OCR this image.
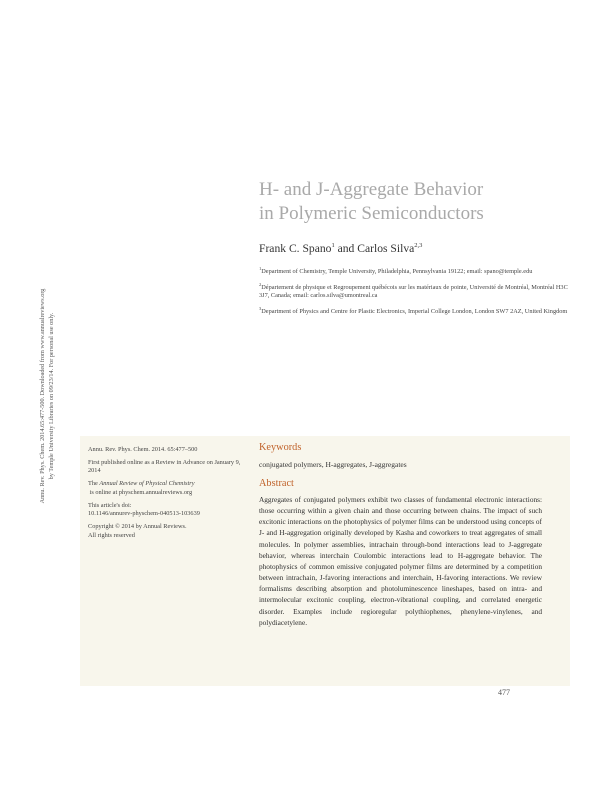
Annu. Rev. Phys. Chem. 2014.65:477-500. Downloaded from www.annualreviews.org by Temple University Libraries on 09/23/14. For personal use only.
H- and J-Aggregate Behavior
in Polymeric Semiconductors
Frank C. Spano$^1$ and Carlos Silva$^{2,3}$
$^1$Department of Chemistry, Temple University, Philadelphia, Pennsylvania 19122; email: spano@temple.edu
$^2$Département de physique et Regroupement québécois sur les matériaux de pointe, Université de Montréal, Montréal H3C 3J7, Canada; email: carlos.silva@umontreal.ca
$^3$Department of Physics and Centre for Plastic Electronics, Imperial College London, London SW7 2AZ, United Kingdom

Annu. Rev. Phys. Chem. 2014. 65:477–500

First published online as a Review in Advance on January 9, 2014

The Annual Review of Physical Chemistry is online at physchem.annualreviews.org

This article's doi:
10.1146/annurev-physchem-040513-103639

Copyright © 2014 by Annual Reviews.
All rights reserved

Keywords
conjugated polymers, H-aggregates, J-aggregates
Abstract

Aggregates of conjugated polymers exhibit two classes of fundamental electronic interactions: those occurring within a given chain and those occurring between chains. The impact of such excitonic interactions on the photophysics of polymer films can be understood using concepts of J- and H-aggregation originally developed by Kasha and coworkers to treat aggregates of small molecules. In polymer assemblies, intrachain through-bond interactions lead to J-aggregate behavior, whereas interchain Coulombic interactions lead to H-aggregate behavior. The photophysics of common emissive conjugated polymer films are determined by a competition between intrachain, J-favoring interactions and interchain, H-favoring interactions. We review formalisms describing absorption and photoluminescence lineshapes, based on intra- and intermolecular excitonic coupling, electron-vibrational coupling, and correlated energetic disorder. Examples include regioregular polythiophenes, phenylene-vinylenes, and polydiacetylene.

477
